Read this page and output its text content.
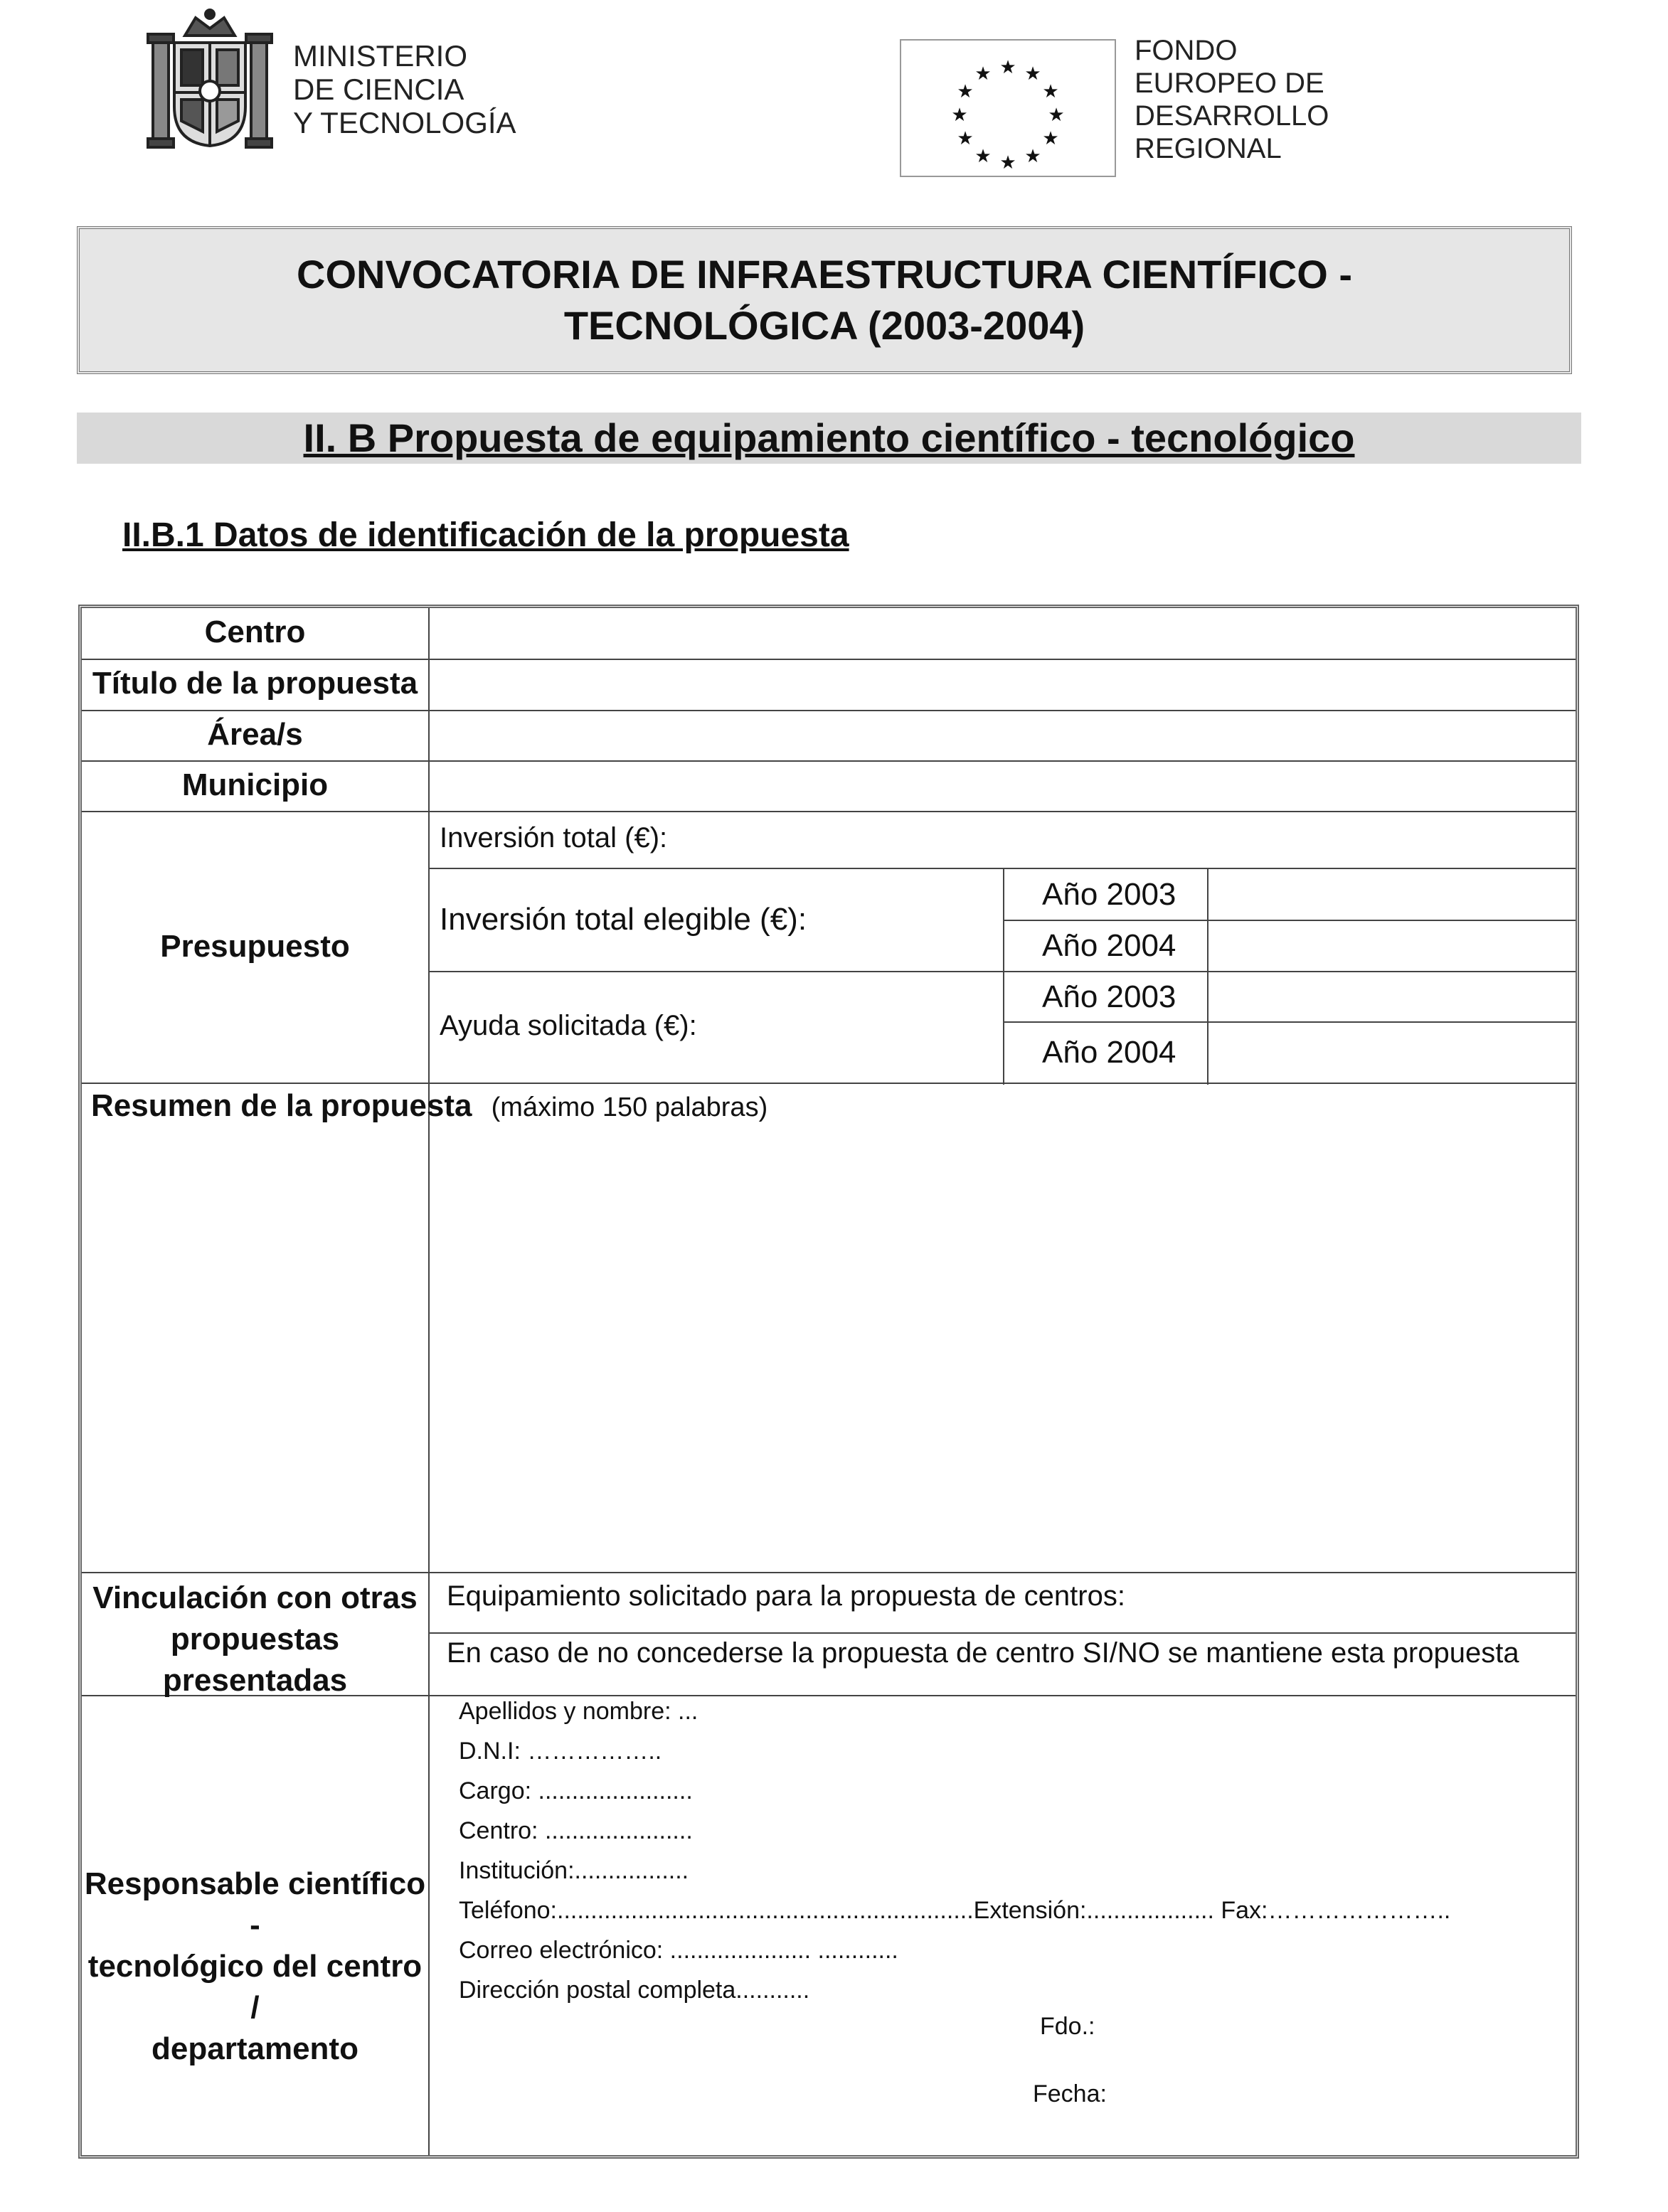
MINISTERIO
DE CIENCIA
Y TECNOLOGÍA
★ ★
★
★
★
★
★
★
★
★
★
★
FONDO
EUROPEO DE
DESARROLLO
REGIONAL
CONVOCATORIA DE INFRAESTRUCTURA CIENTÍFICO -
TECNOLÓGICA (2003-2004)
II. B Propuesta de equipamiento científico - tecnológico
II.B.1 Datos de identificación de la propuesta
Centro
Título de la propuesta
Área/s
Municipio
Presupuesto
Inversión total (€):
Inversión total elegible (€):
Año 2003
Año 2004
Ayuda solicitada (€):
Año 2003
Año 2004
Resumen de la propuesta (máximo 150 palabras)
Vinculación con otras
propuestas
presentadas
Equipamiento solicitado para la propuesta de centros:
En caso de no concederse la propuesta de centro SI/NO se mantiene esta propuesta
Responsable científico -
tecnológico del centro /
departamento
Apellidos y nombre: ...
D.N.I: ……………..
Cargo: .......................
Centro: ......................
Institución:.................
Teléfono:..............................................................Extensión:................... Fax:…………………..
Correo electrónico: ..................... ............
Dirección postal completa...........
Fdo.:
Fecha:
